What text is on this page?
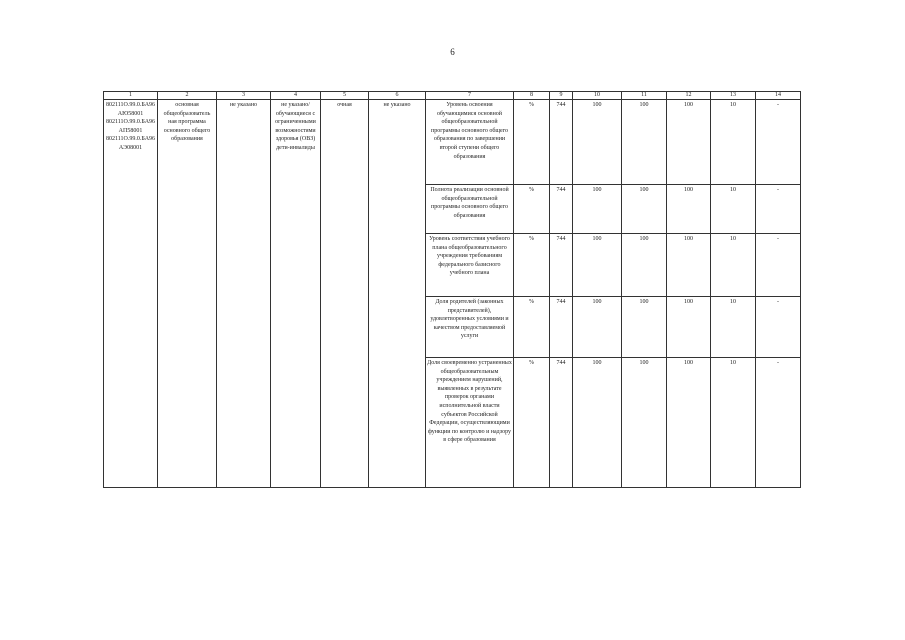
6
1	2	3	4	5	6	7	8	9	10	11	12	13	14
802111О.99.0.БА96АЮ58001
802111О.99.0.БА96АП58001
802111О.99.0.БА96АЭ08001	основная общеобразователь ная программа основного общего образования	не указано	не указано/ обучающиеся с ограниченными возможностями здоровья (ОВЗ) дети-инвалиды	очная	не указано	Уровень освоения обучающимися основной общеобразовательной программы основного общего образования по завершении второй ступени общего образования	%	744	100	100	100	10	-
						Полнота реализации основной общеобразовательной программы основного общего образования	%	744	100	100	100	10	-
						Уровень соответствия учебного плана общеобразовательного учреждения требованиям федерального базисного учебного плана	%	744	100	100	100	10	-
						Доля родителей (законных представителей), удовлетворенных условиями и качеством предоставляемой услуги	%	744	100	100	100	10	-
						Доля своевременно устраненных общеобразовательным учреждением нарушений, выявленных в результате проверок органами исполнительной власти субъектов Российской Федерации, осуществляющими функции по контролю и надзору в сфере образования	%	744	100	100	100	10	-
